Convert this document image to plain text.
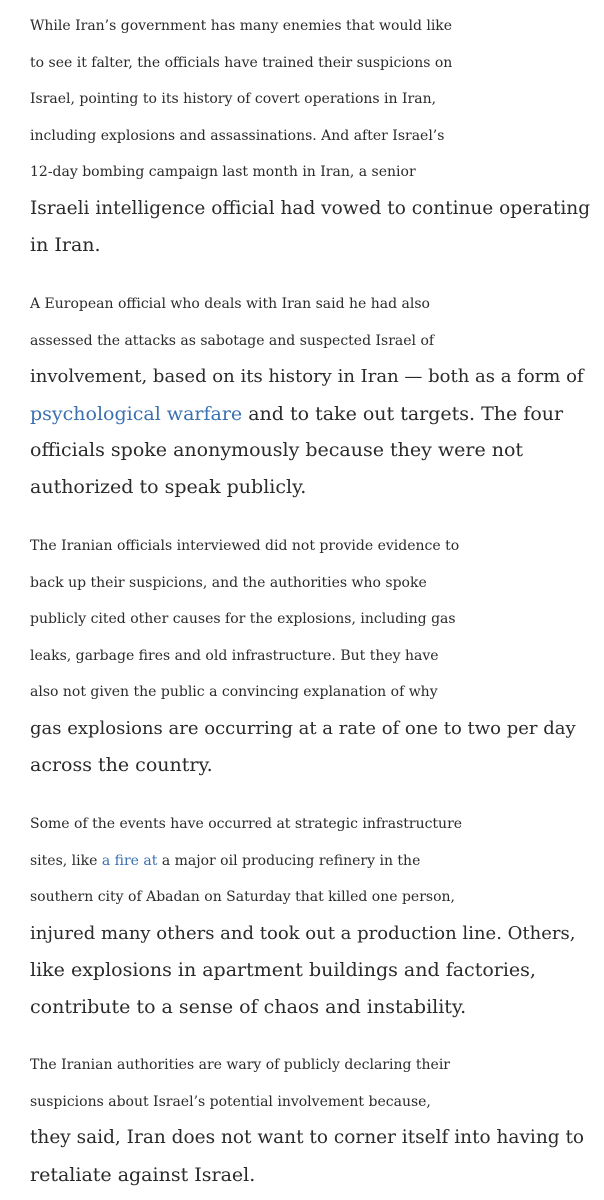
While Iran’s government has many enemies that would like
to see it falter, the officials have trained their suspicions on
Israel, pointing to its history of covert operations in Iran,
including explosions and assassinations. And after Israel’s
12-day bombing campaign last month in Iran, a senior
Israeli intelligence official had vowed to continue operating
in Iran.

A European official who deals with Iran said he had also
assessed the attacks as sabotage and suspected Israel of
involvement, based on its history in Iran — both as a form of
psychological warfare and to take out targets. The four
officials spoke anonymously because they were not
authorized to speak publicly.

The Iranian officials interviewed did not provide evidence to
back up their suspicions, and the authorities who spoke
publicly cited other causes for the explosions, including gas
leaks, garbage fires and old infrastructure. But they have
also not given the public a convincing explanation of why
gas explosions are occurring at a rate of one to two per day
across the country.

Some of the events have occurred at strategic infrastructure
sites, like a fire at a major oil producing refinery in the
southern city of Abadan on Saturday that killed one person,
injured many others and took out a production line. Others,
like explosions in apartment buildings and factories,
contribute to a sense of chaos and instability.

The Iranian authorities are wary of publicly declaring their
suspicions about Israel’s potential involvement because,
they said, Iran does not want to corner itself into having to
retaliate against Israel.
